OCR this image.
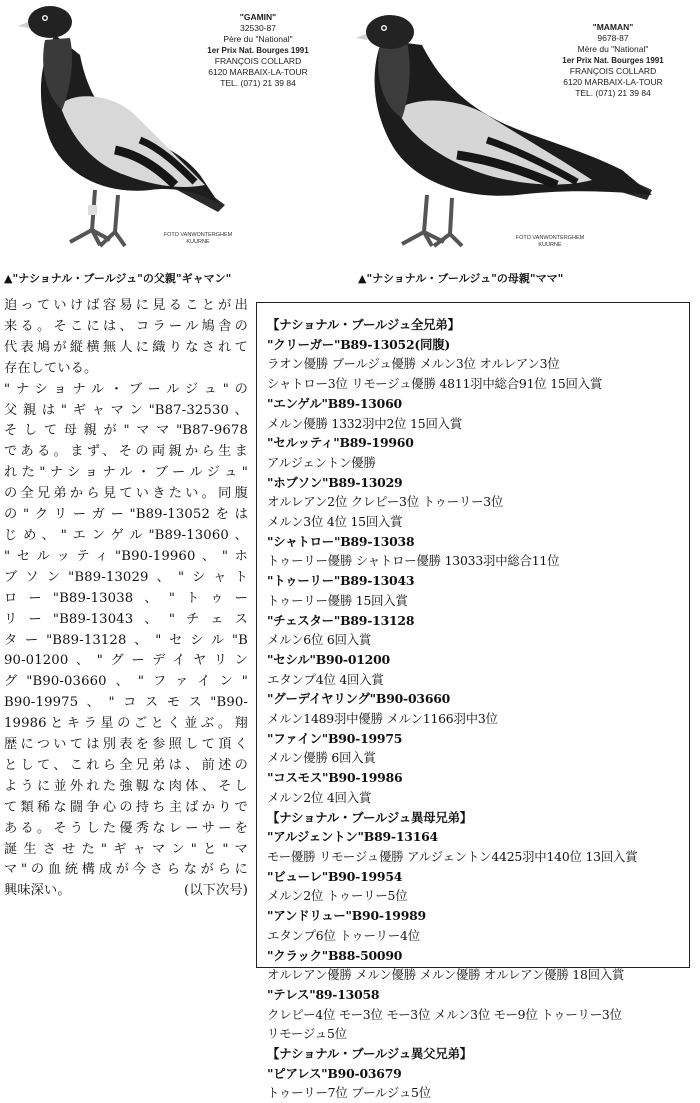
"GAMIN"
32530-87
Père du "National"
1er Prix Nat. Bourges 1991
FRANÇOIS COLLARD
6120 MARBAIX-LA-TOUR
TEL. (071) 21 39 84
FOTO VANWONTERGHEM
KUURNE
"MAMAN"
9678-87
Mère du "National"
1er Prix Nat. Bourges 1991
FRANÇOIS COLLARD
6120 MARBAIX-LA-TOUR
TEL. (071) 21 39 84
FOTO VANWONTERGHEM
KUURNE
▲"ナショナル・ブールジュ"の父親"ギャマン"	▲"ナショナル・ブールジュ"の母親"ママ"
迫っていけば容易に見ることが出
来る。そこには、コラール鳩舎の
代表鳩が縦横無人に織りなされて
存在している。
"ナショナル・ブールジュ"の
父親は"ギャマン"B87-32530、
そして母親が"ママ"B87-9678
である。まず、その両親から生ま
れた"ナショナル・ブールジュ"
の全兄弟から見ていきたい。同腹
の"クリーガー"B89-13052をは
じめ、"エンゲル"B89-13060、
"セルッティ"B90-19960、"ホ
ブソン"B89-13029、"シャト
ロー"B89-13038、"トゥー
リー"B89-13043、"チェス
ター"B89-13128、"セシル"B
90-01200、"グーデイヤリン
グ"B90-03660、"ファイン"
B90-19975、"コスモス"B90-
19986とキラ星のごとく並ぶ。翔
歴については別表を参照して頂く
として、これら全兄弟は、前述の
ように並外れた強靱な肉体、そし
て類稀な闘争心の持ち主ばかりで
ある。そうした優秀なレーサーを
誕生させた"ギャマン"と"マ
マ"の血統構成が今さらながらに
興味深い。	(以下次号)
【ナショナル・ブールジュ全兄弟】
"クリーガー"B89-13052(同腹)
ラオン優勝 ブールジュ優勝 メルン3位 オルレアン3位
シャトロー3位 リモージュ優勝 4811羽中総合91位 15回入賞
"エンゲル"B89-13060
メルン優勝 1332羽中2位 15回入賞
"セルッティ"B89-19960
アルジェントン優勝
"ホブソン"B89-13029
オルレアン2位 クレピー3位 トゥーリー3位
メルン3位 4位 15回入賞
"シャトロー"B89-13038
トゥーリー優勝 シャトロー優勝 13033羽中総合11位
"トゥーリー"B89-13043
トゥーリー優勝 15回入賞
"チェスター"B89-13128
メルン6位 6回入賞
"セシル"B90-01200
エタンプ4位 4回入賞
"グーデイヤリング"B90-03660
メルン1489羽中優勝 メルン1166羽中3位
"ファイン"B90-19975
メルン優勝 6回入賞
"コスモス"B90-19986
メルン2位 4回入賞
【ナショナル・ブールジュ異母兄弟】
"アルジェントン"B89-13164
モー優勝 リモージュ優勝 アルジェントン4425羽中140位 13回入賞
"ビューレ"B90-19954
メルン2位 トゥーリー5位
"アンドリュー"B90-19989
エタンプ6位 トゥーリー4位
"クラック"B88-50090
オルレアン優勝 メルン優勝 メルン優勝 オルレアン優勝 18回入賞
"テレス"89-13058
クレピー4位 モー3位 モー3位 メルン3位 モー9位 トゥーリー3位
リモージュ5位
【ナショナル・ブールジュ異父兄弟】
"ピアレス"B90-03679
トゥーリー7位 ブールジュ5位
